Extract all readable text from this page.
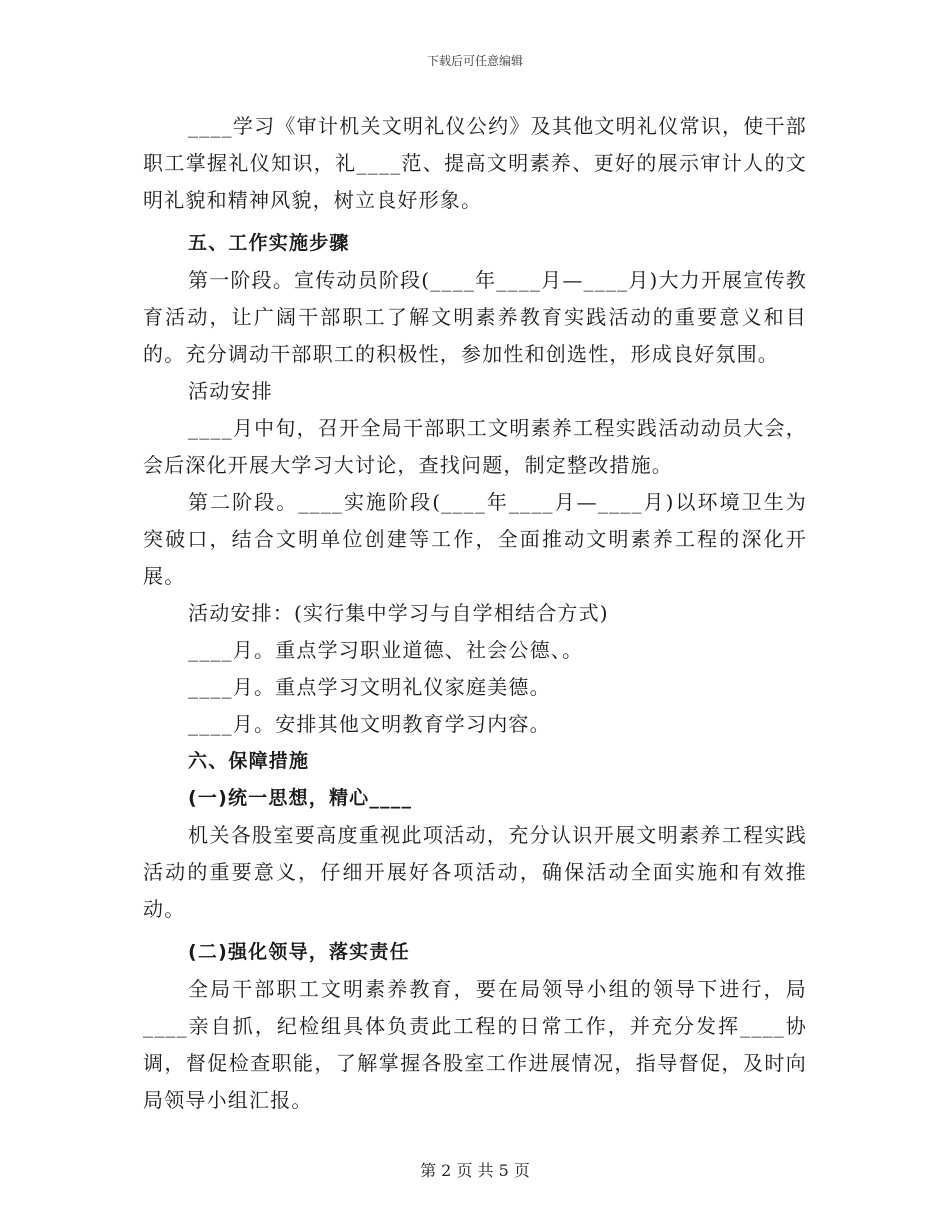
下载后可任意编辑

____学习《审计机关文明礼仪公约》及其他文明礼仪常识，使干部职工掌握礼仪知识，礼____范、提高文明素养、更好的展示审计人的文明礼貌和精神风貌，树立良好形象。

五、工作实施步骤

第一阶段。宣传动员阶段(____年____月—____月)大力开展宣传教育活动，让广阔干部职工了解文明素养教育实践活动的重要意义和目的。充分调动干部职工的积极性，参加性和创选性，形成良好氛围。

活动安排

____月中旬，召开全局干部职工文明素养工程实践活动动员大会，会后深化开展大学习大讨论，查找问题，制定整改措施。

第二阶段。____实施阶段(____年____月—____月)以环境卫生为突破口，结合文明单位创建等工作，全面推动文明素养工程的深化开展。

活动安排：(实行集中学习与自学相结合方式)

____月。重点学习职业道德、社会公德、。

____月。重点学习文明礼仪家庭美德。

____月。安排其他文明教育学习内容。

六、保障措施

(一)统一思想，精心____

机关各股室要高度重视此项活动，充分认识开展文明素养工程实践活动的重要意义，仔细开展好各项活动，确保活动全面实施和有效推动。

(二)强化领导，落实责任

全局干部职工文明素养教育，要在局领导小组的领导下进行，局____亲自抓，纪检组具体负责此工程的日常工作，并充分发挥____协调，督促检查职能，了解掌握各股室工作进展情况，指导督促，及时向局领导小组汇报。

第 2 页 共 5 页
